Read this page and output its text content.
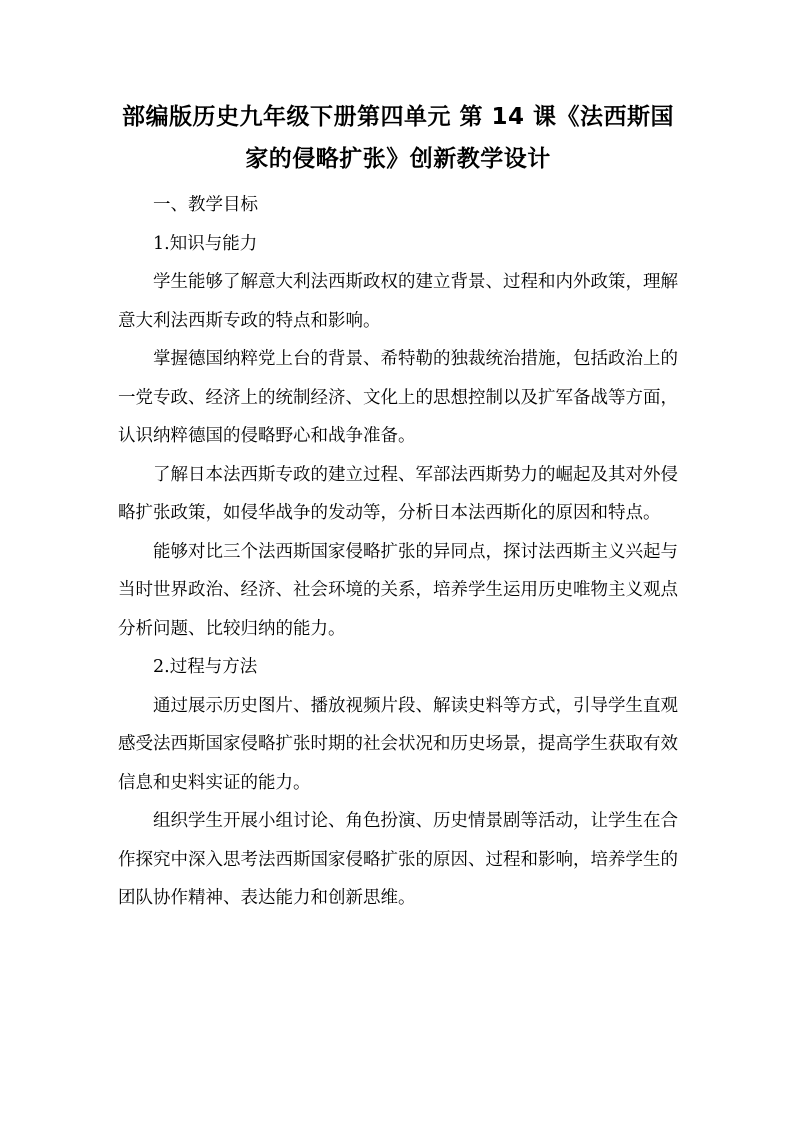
部编版历史九年级下册第四单元 第 14 课《法西斯国家的侵略扩张》创新教学设计

一、教学目标

1.知识与能力

学生能够了解意大利法西斯政权的建立背景、过程和内外政策，理解意大利法西斯专政的特点和影响。

掌握德国纳粹党上台的背景、希特勒的独裁统治措施，包括政治上的一党专政、经济上的统制经济、文化上的思想控制以及扩军备战等方面，认识纳粹德国的侵略野心和战争准备。

了解日本法西斯专政的建立过程、军部法西斯势力的崛起及其对外侵略扩张政策，如侵华战争的发动等，分析日本法西斯化的原因和特点。

能够对比三个法西斯国家侵略扩张的异同点，探讨法西斯主义兴起与当时世界政治、经济、社会环境的关系，培养学生运用历史唯物主义观点分析问题、比较归纳的能力。

2.过程与方法

通过展示历史图片、播放视频片段、解读史料等方式，引导学生直观感受法西斯国家侵略扩张时期的社会状况和历史场景，提高学生获取有效信息和史料实证的能力。

组织学生开展小组讨论、角色扮演、历史情景剧等活动，让学生在合作探究中深入思考法西斯国家侵略扩张的原因、过程和影响，培养学生的团队协作精神、表达能力和创新思维。
